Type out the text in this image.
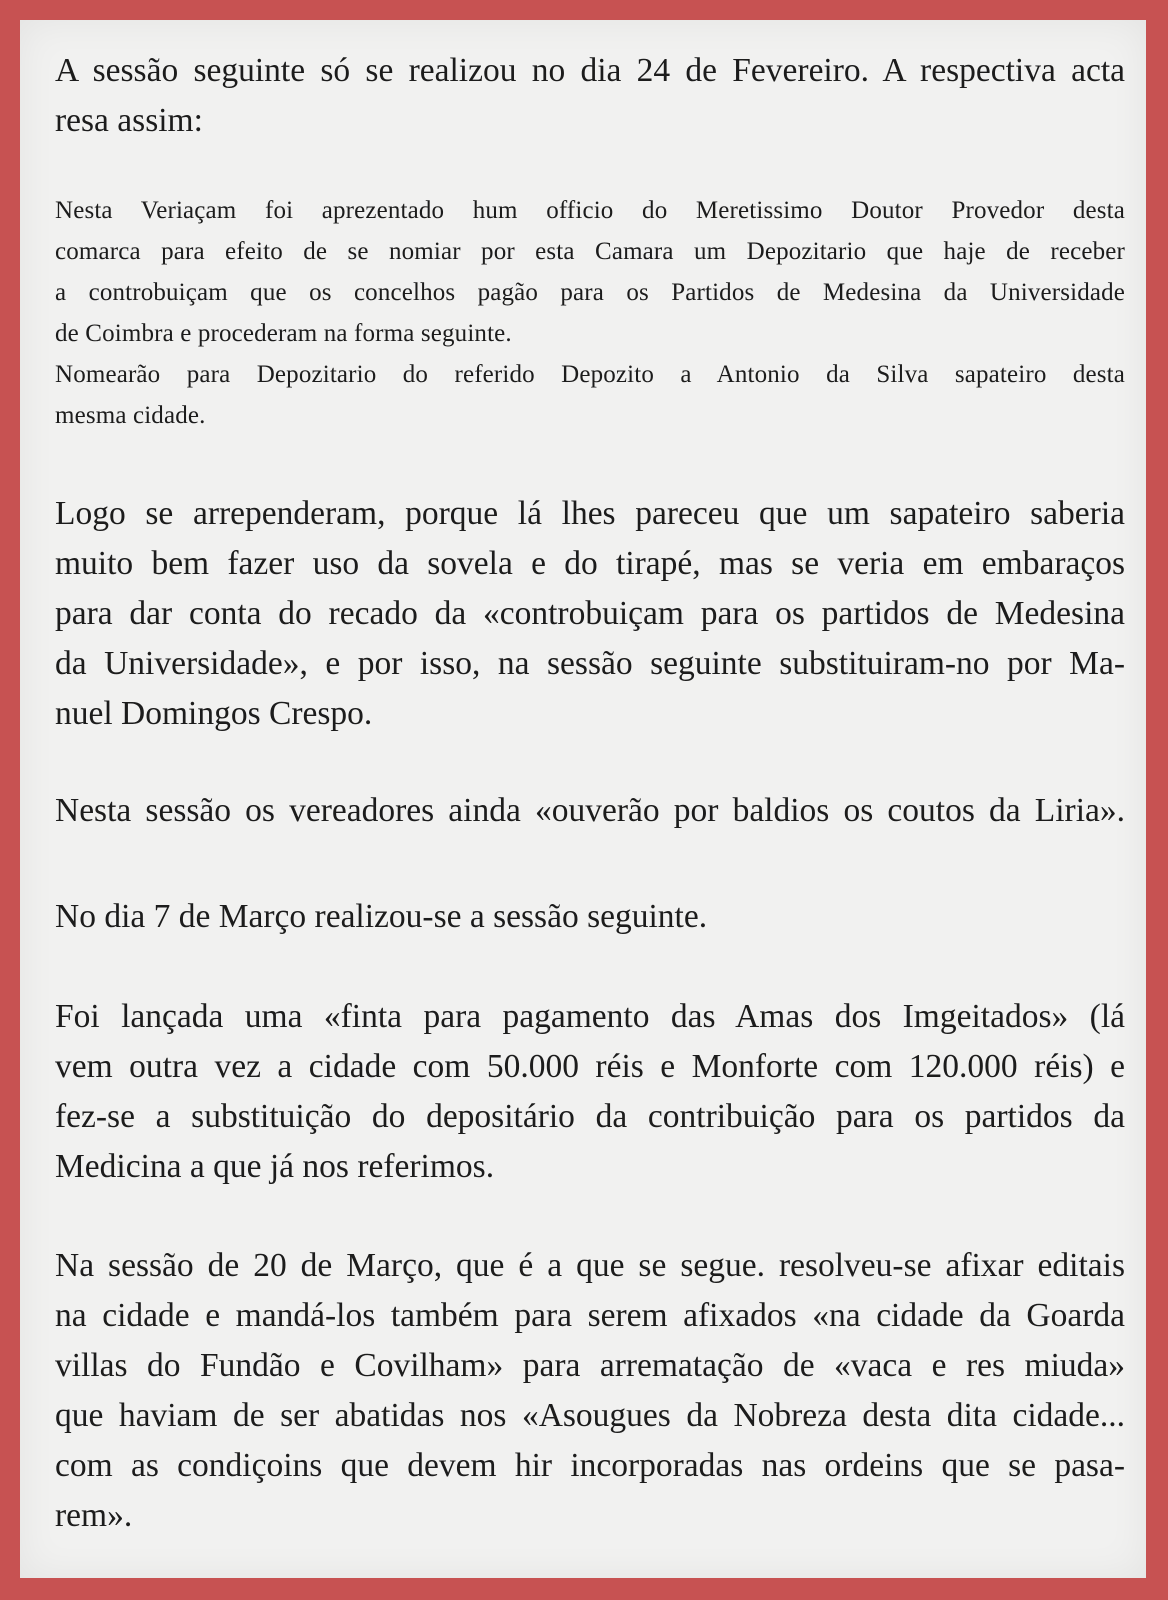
A sessão seguinte só se realizou no dia 24 de Fevereiro. A respectiva acta
resa assim:
Nesta Veriaçam foi aprezentado hum officio do Meretissimo Doutor Provedor desta
comarca para efeito de se nomiar por esta Camara um Depozitario que haje de receber
a controbuiçam que os concelhos pagão para os Partidos de Medesina da Universidade
de Coimbra e procederam na forma seguinte.
Nomearão para Depozitario do referido Depozito a Antonio da Silva sapateiro desta
mesma cidade.
Logo se arrependeram, porque lá lhes pareceu que um sapateiro saberia
muito bem fazer uso da sovela e do tirapé, mas se veria em embaraços
para dar conta do recado da «controbuiçam para os partidos de Medesina
da Universidade», e por isso, na sessão seguinte substituiram-no por Ma-
nuel Domingos Crespo.
Nesta sessão os vereadores ainda «ouverão por baldios os coutos da Liria».
No dia 7 de Março realizou-se a sessão seguinte.
Foi lançada uma «finta para pagamento das Amas dos Imgeitados» (lá
vem outra vez a cidade com 50.000 réis e Monforte com 120.000 réis) e
fez-se a substituição do depositário da contribuição para os partidos da
Medicina a que já nos referimos.
Na sessão de 20 de Março, que é a que se segue. resolveu-se afixar editais
na cidade e mandá-los também para serem afixados «na cidade da Goarda
villas do Fundão e Covilham» para arrematação de «vaca e res miuda»
que haviam de ser abatidas nos «Asougues da Nobreza desta dita cidade...
com as condiçoins que devem hir incorporadas nas ordeins que se pasa-
rem».
